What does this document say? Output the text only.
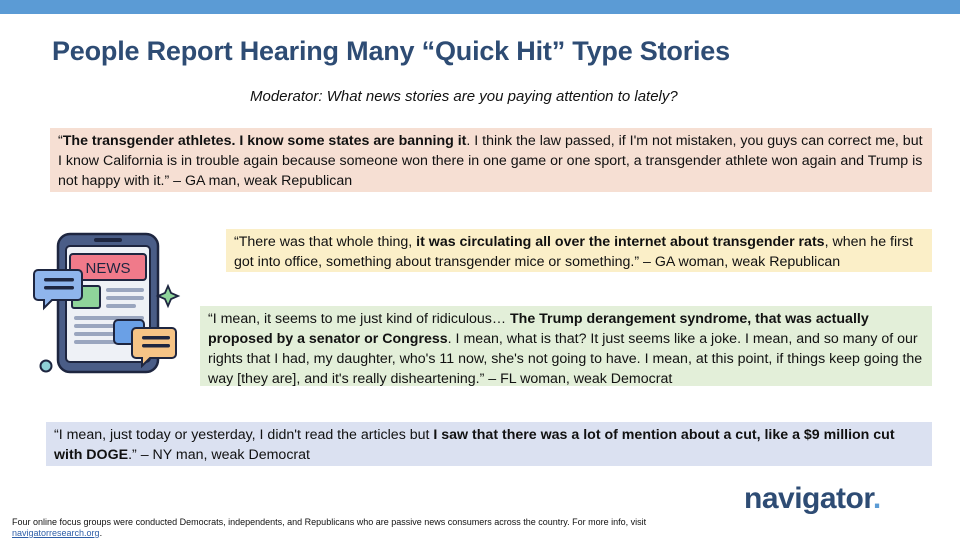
People Report Hearing Many “Quick Hit” Type Stories
Moderator: What news stories are you paying attention to lately?
“The transgender athletes. I know some states are banning it. I think the law passed, if I'm not mistaken, you guys can correct me, but I know California is in trouble again because someone won there in one game or one sport, a transgender athlete won again and Trump is not happy with it.” – GA man, weak Republican
“There was that whole thing, it was circulating all over the internet about transgender rats, when he first got into office, something about transgender mice or something.” – GA woman, weak Republican
“I mean, it seems to me just kind of ridiculous… The Trump derangement syndrome, that was actually proposed by a senator or Congress. I mean, what is that? It just seems like a joke. I mean, and so many of our rights that I had, my daughter, who's 11 now, she's not going to have. I mean, at this point, if things keep going the way [they are], and it's really disheartening.” – FL woman, weak Democrat
“I mean, just today or yesterday, I didn't read the articles but I saw that there was a lot of mention about a cut, like a $9 million cut with DOGE.” – NY man, weak Democrat
NEWS
navigator.
Four online focus groups were conducted Democrats, independents, and Republicans who are passive news consumers across the country. For more info, visit navigatorresearch.org.
